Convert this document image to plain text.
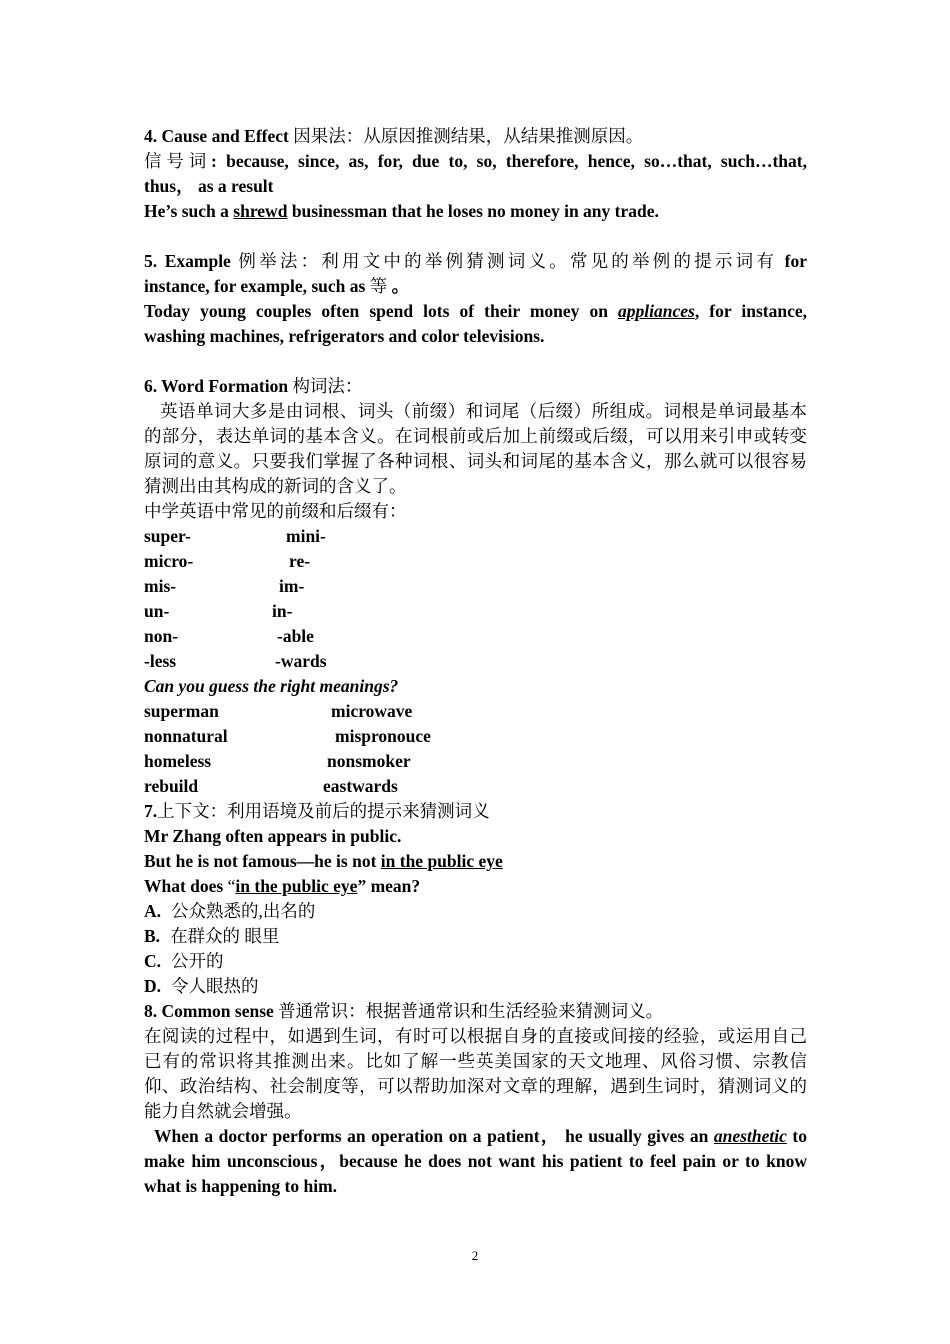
4. Cause and Effect 因果法：从原因推测结果，从结果推测原因。
信号词: because, since, as, for, due to, so, therefore, hence, so…that, such…that,
thus， as a result
He’s such a shrewd businessman that he loses no money in any trade.
5. Example 例举法：利用文中的举例猜测词义。常见的举例的提示词有 for
instance, for example, such as 等 。
Today young couples often spend lots of their money on appliances, for instance,
washing machines, refrigerators and color televisions.
6. Word Formation 构词法：
英语单词大多是由词根、词头（前缀）和词尾（后缀）所组成。词根是单词最基本的部分，表达单词的基本含义。在词根前或后加上前缀或后缀，可以用来引申或转变原词的意义。只要我们掌握了各种词根、词头和词尾的基本含义，那么就可以很容易猜测出由其构成的新词的含义了。
中学英语中常见的前缀和后缀有：
super-	mini-
micro-	re-
mis-	im-
un-	in-
non-	-able
-less	-wards
Can you guess the right meanings?
superman	microwave
nonnatural	mispronouce
homeless	nonsmoker
rebuild	eastwards
7.上下文：利用语境及前后的提示来猜测词义
Mr Zhang often appears in public.
But he is not famous—he is not in the public eye
What does “in the public eye” mean?
A. 公众熟悉的,出名的
B. 在群众的 眼里
C. 公开的
D. 令人眼热的
8. Common sense 普通常识：根据普通常识和生活经验来猜测词义。
在阅读的过程中，如遇到生词，有时可以根据自身的直接或间接的经验，或运用自己已有的常识将其推测出来。比如了解一些英美国家的天文地理、风俗习惯、宗教信仰、政治结构、社会制度等，可以帮助加深对文章的理解，遇到生词时，猜测词义的能力自然就会增强。
When a doctor performs an operation on a patient， he usually gives an anesthetic to make him unconscious，because he does not want his patient to feel pain or to know what is happening to him.
2
